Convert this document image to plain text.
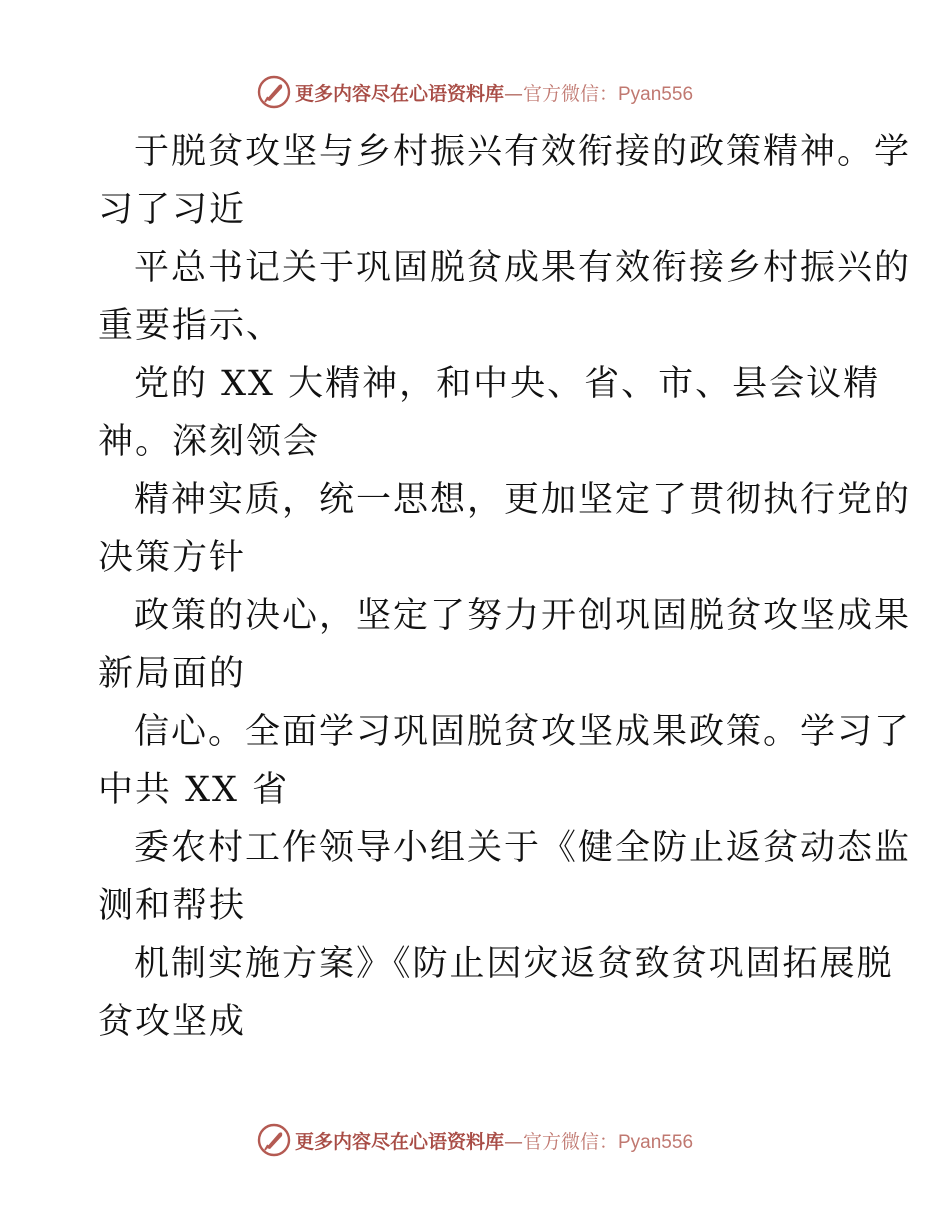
更多内容尽在心语资料库—官方微信：Pyan556
于脱贫攻坚与乡村振兴有效衔接的政策精神。学
习了习近
平总书记关于巩固脱贫成果有效衔接乡村振兴的
重要指示、
党的 XX 大精神，和中央、省、市、县会议精
神。深刻领会
精神实质，统一思想，更加坚定了贯彻执行党的
决策方针
政策的决心，坚定了努力开创巩固脱贫攻坚成果
新局面的
信心。全面学习巩固脱贫攻坚成果政策。学习了
中共 XX 省
委农村工作领导小组关于《健全防止返贫动态监
测和帮扶
机制实施方案》《防止因灾返贫致贫巩固拓展脱
贫攻坚成
更多内容尽在心语资料库—官方微信：Pyan556
